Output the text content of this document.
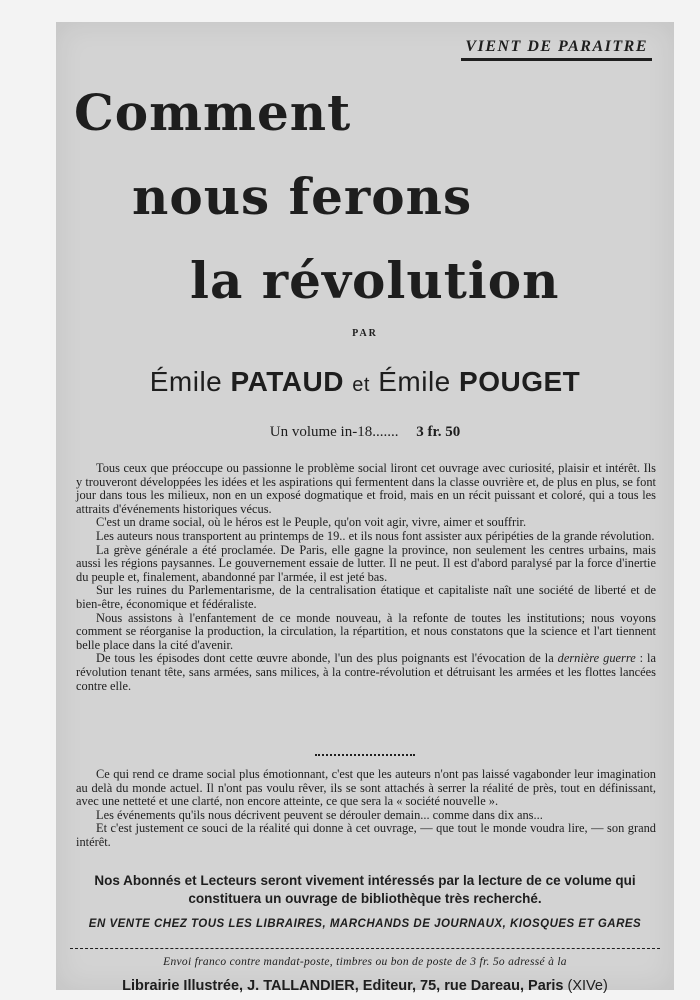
VIENT DE PARAITRE
Comment
nous ferons
la révolution
PAR
Émile PATAUD et Émile POUGET
Un volume in-18....... 3 fr. 50

Tous ceux que préoccupe ou passionne le problème social liront cet ouvrage avec curiosité, plaisir et intérêt. Ils y trouveront développées les idées et les aspirations qui fermentent dans la classe ouvrière et, de plus en plus, se font jour dans tous les milieux, non en un exposé dogmatique et froid, mais en un récit puissant et coloré, qui a tous les attraits d'événements historiques vécus.

C'est un drame social, où le héros est le Peuple, qu'on voit agir, vivre, aimer et souffrir.

Les auteurs nous transportent au printemps de 19.. et ils nous font assister aux péripéties de la grande révolution.

La grève générale a été proclamée. De Paris, elle gagne la province, non seulement les centres urbains, mais aussi les régions paysannes. Le gouvernement essaie de lutter. Il ne peut. Il est d'abord paralysé par la force d'inertie du peuple et, finalement, abandonné par l'armée, il est jeté bas.

Sur les ruines du Parlementarisme, de la centralisation étatique et capitaliste naît une société de liberté et de bien-être, économique et fédéraliste.

Nous assistons à l'enfantement de ce monde nouveau, à la refonte de toutes les institutions; nous voyons comment se réorganise la production, la circulation, la répartition, et nous constatons que la science et l'art tiennent belle place dans la cité d'avenir.

De tous les épisodes dont cette œuvre abonde, l'un des plus poignants est l'évocation de la dernière guerre : la révolution tenant tête, sans armées, sans milices, à la contre-révolution et détruisant les armées et les flottes lancées contre elle.

Ce qui rend ce drame social plus émotionnant, c'est que les auteurs n'ont pas laissé vagabonder leur imagination au delà du monde actuel. Il n'ont pas voulu rêver, ils se sont attachés à serrer la réalité de près, tout en définissant, avec une netteté et une clarté, non encore atteinte, ce que sera la « société nouvelle ».

Les événements qu'ils nous décrivent peuvent se dérouler demain... comme dans dix ans...

Et c'est justement ce souci de la réalité qui donne à cet ouvrage, — que tout le monde voudra lire, — son grand intérêt.

Nos Abonnés et Lecteurs seront vivement intéressés par la lecture de ce volume qui constituera un ouvrage de bibliothèque très recherché.
EN VENTE CHEZ TOUS LES LIBRAIRES, MARCHANDS DE JOURNAUX, KIOSQUES ET GARES
Envoi franco contre mandat-poste, timbres ou bon de poste de 3 fr. 5o adressé à la
Librairie Illustrée, J. TALLANDIER, Editeur, 75, rue Dareau, Paris (XIVe)
